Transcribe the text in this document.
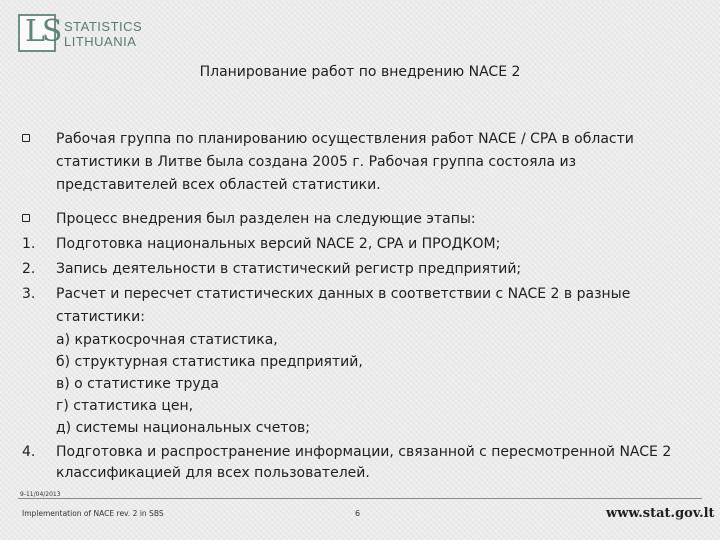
LS STATISTICS
LITHUANIA
Планирование работ по внедрению NACE 2
Рабочая группа по планированию осуществления работ NACE / CPA в области
статистики в Литве была создана 2005 г. Рабочая группа состояла из
представителей всех областей статистики.
Процесс внедрения был разделен на следующие этапы:
1.	Подготовка национальных версий NACE 2, CPA и ПРОДКОМ;
2.	Запись деятельности в статистический регистр предприятий;
3.	Расчет и пересчет статистических данных в соответствии с NACE 2 в разные
статистики:
а) краткосрочная статистика,
б) структурная статистика предприятий,
в) о статистике труда
г) статистика цен,
д) системы национальных счетов;
4.	Подготовка и распространение информации, связанной с пересмотренной NACE 2
классификацией для всех пользователей.
9-11/04/2013
Implementation of NACE rev. 2 in SBS	6	www.stat.gov.lt
